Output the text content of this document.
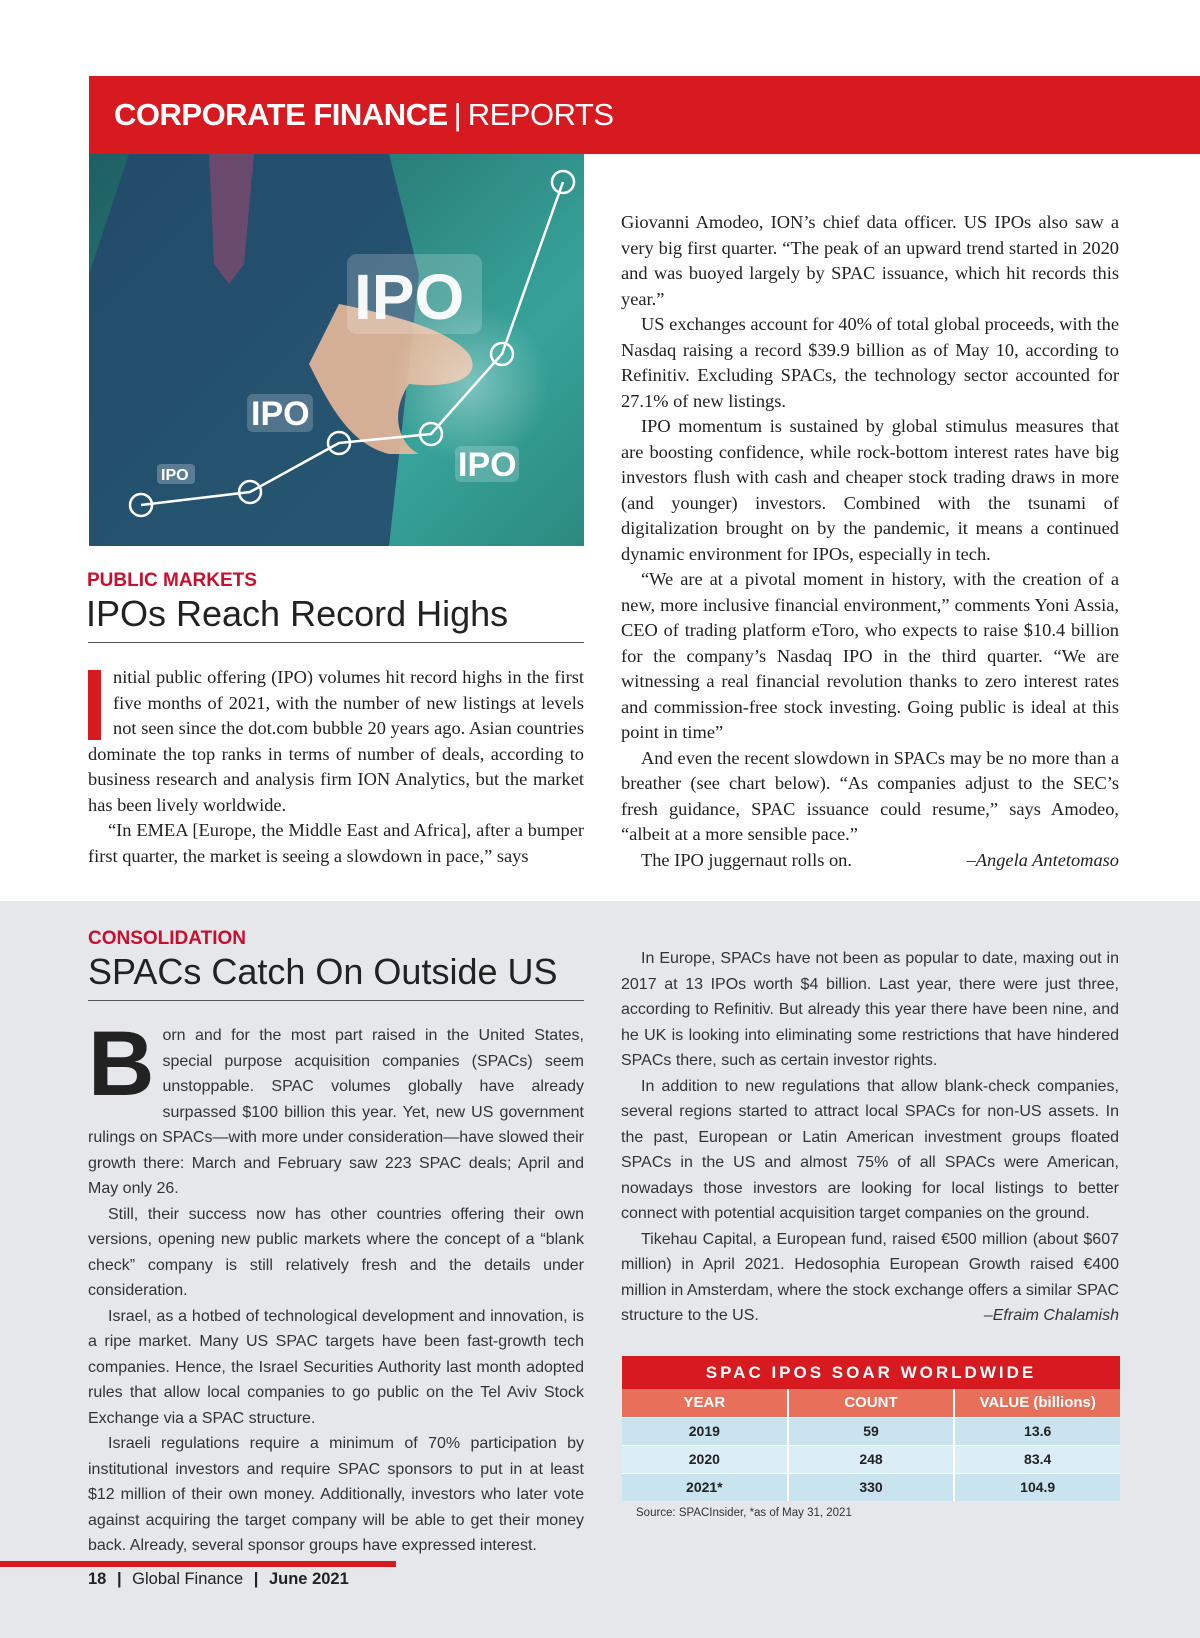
CORPORATE FINANCE | REPORTS
IPO
IPO
IPO
IPO
PUBLIC MARKETS
IPOs Reach Record Highs

nitial public offering (IPO) volumes hit record highs in the first five months of 2021, with the number of new listings at levels not seen since the dot.com bubble 20 years ago. Asian countries dominate the top ranks in terms of number of deals, according to business research and analysis firm ION Analytics, but the market has been lively worldwide.

“In EMEA [Europe, the Middle East and Africa], after a bumper first quarter, the market is seeing a slowdown in pace,” says

Giovanni Amodeo, ION’s chief data officer. US IPOs also saw a very big first quarter. “The peak of an upward trend started in 2020 and was buoyed largely by SPAC issuance, which hit records this year.”

US exchanges account for 40% of total global proceeds, with the Nasdaq raising a record $39.9 billion as of May 10, according to Refinitiv. Excluding SPACs, the technology sector accounted for 27.1% of new listings.

IPO momentum is sustained by global stimulus measures that are boosting confidence, while rock-bottom interest rates have big investors flush with cash and cheaper stock trading draws in more (and younger) investors. Combined with the tsunami of digitalization brought on by the pandemic, it means a continued dynamic environment for IPOs, especially in tech.

“We are at a pivotal moment in history, with the creation of a new, more inclusive financial environment,” comments Yoni Assia, CEO of trading platform eToro, who expects to raise $10.4 billion for the company’s Nasdaq IPO in the third quarter. “We are witnessing a real financial revolution thanks to zero interest rates and commission-free stock investing. Going public is ideal at this point in time”

And even the recent slowdown in SPACs may be no more than a breather (see chart below). “As companies adjust to the SEC’s fresh guidance, SPAC issuance could resume,” says Amodeo, “albeit at a more sensible pace.”

The IPO juggernaut rolls on.	–Angela Antetomaso

CONSOLIDATION
SPACs Catch On Outside US

Born and for the most part raised in the United States, special purpose acquisition companies (SPACs) seem unstoppable. SPAC volumes globally have already surpassed $100 billion this year. Yet, new US government rulings on SPACs—with more under consideration—have slowed their growth there: March and February saw 223 SPAC deals; April and May only 26.

Still, their success now has other countries offering their own versions, opening new public markets where the concept of a “blank check” company is still relatively fresh and the details under consideration.

Israel, as a hotbed of technological development and innovation, is a ripe market. Many US SPAC targets have been fast-growth tech companies. Hence, the Israel Securities Authority last month adopted rules that allow local companies to go public on the Tel Aviv Stock Exchange via a SPAC structure.

Israeli regulations require a minimum of 70% participation by institutional investors and require SPAC sponsors to put in at least $12 million of their own money. Additionally, investors who later vote against acquiring the target company will be able to get their money back. Already, several sponsor groups have expressed interest.

In Europe, SPACs have not been as popular to date, maxing out in 2017 at 13 IPOs worth $4 billion. Last year, there were just three, according to Refinitiv. But already this year there have been nine, and he UK is looking into eliminating some restrictions that have hindered SPACs there, such as certain investor rights.

In addition to new regulations that allow blank-check companies, several regions started to attract local SPACs for non-US assets. In the past, European or Latin American investment groups floated SPACs in the US and almost 75% of all SPACs were American, nowadays those investors are looking for local listings to better connect with potential acquisition target companies on the ground.

Tikehau Capital, a European fund, raised €500 million (about $607 million) in April 2021. Hedosophia European Growth raised €400 million in Amsterdam, where the stock exchange offers a similar SPAC structure to the US.	–Efraim Chalamish

SPAC IPOS SOAR WORLDWIDE
YEAR	COUNT	VALUE (billions)
2019	59	13.6
2020	248	83.4
2021*	330	104.9
Source: SPACInsider, *as of May 31, 2021
18 | Global Finance | June 2021
